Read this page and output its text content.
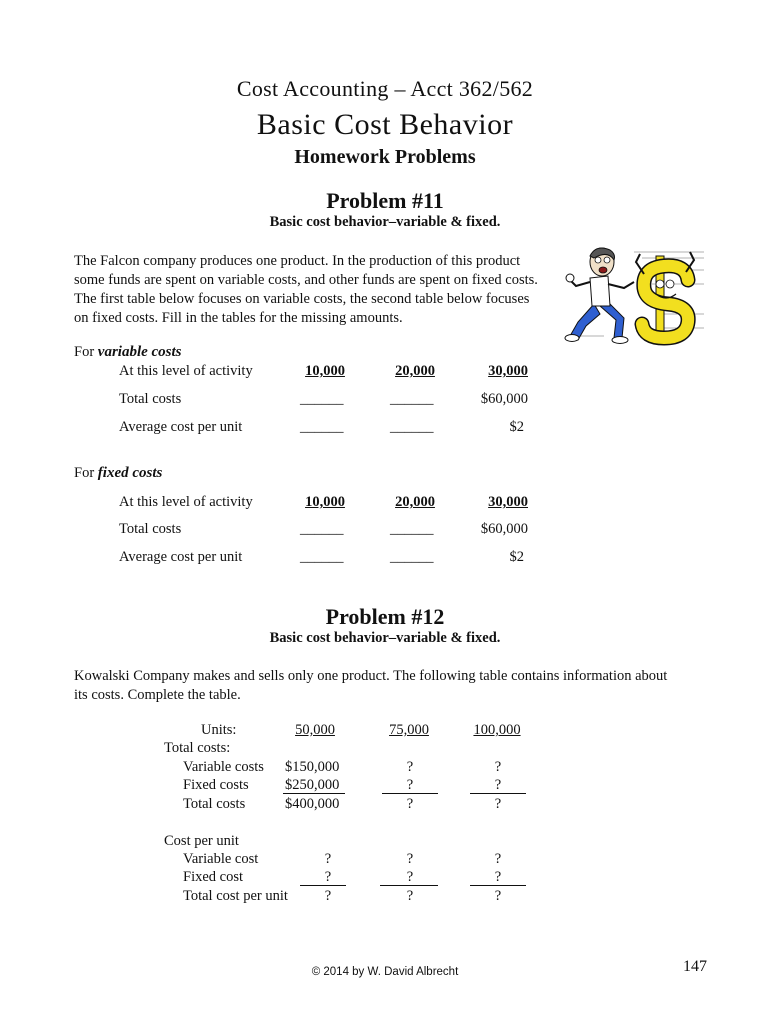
Cost Accounting – Acct 362/562
Basic Cost Behavior
Homework Problems
Problem #11
Basic cost behavior–variable & fixed.
The Falcon company produces one product. In the production of this product
some funds are spent on variable costs, and other funds are spent on fixed costs.
The first table below focuses on variable costs, the second table below focuses
on fixed costs. Fill in the tables for the missing amounts.
For variable costs
At this level of activity	10,000	20,000	30,000
Total costs	______	______	$60,000
Average cost per unit	______	______	$2
For fixed costs
At this level of activity	10,000	20,000	30,000
Total costs	______	______	$60,000
Average cost per unit	______	______	$2
Problem #12
Basic cost behavior–variable & fixed.
Kowalski Company makes and sells only one product. The following table contains information about
its costs. Complete the table.
Units:	50,000	75,000	100,000
Total costs:
Variable costs $150,000	?	?
Fixed costs	$250,000	?	?
Total costs	$400,000	?	?
Cost per unit
Variable cost	?	?	?
Fixed cost	?	?	?
Total cost per unit	?	?	?
© 2014 by W. David Albrecht	147
